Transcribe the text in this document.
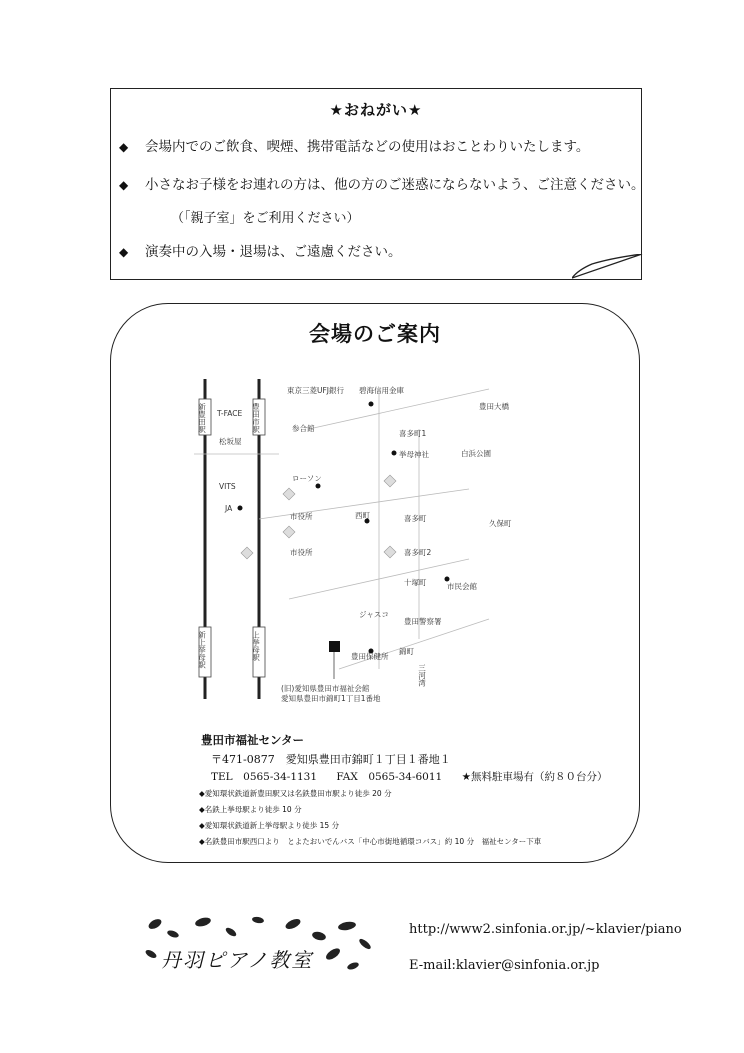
★おねがい★
◆ 会場内でのご飲食、喫煙、携帯電話などの使用はおことわりいたします。
◆ 小さなお子様をお連れの方は、他の方のご迷惑にならないよう、ご注意ください。
（「親子室」をご利用ください）
◆ 演奏中の入場・退場は、ご遠慮ください。
会場のご案内
新豊田駅	豊田市駅
新上挙母駅	上挙母駅
T-FACE
松坂屋
VITS
JA
東京三菱UFJ銀行 碧海信用金庫
豊田大橋
参合館
喜多町1
挙母神社	白浜公園
ローソン
西町
市役所	喜多町
久保町
市役所	喜多町2
十塚町	市民会館
ジャスコ
豊田警察署
錦町
豊田保健所
三河湾
(旧)愛知県豊田市福祉会館
愛知県豊田市錦町1丁目1番地
豊田市福祉センター
〒471-0877　愛知県豊田市錦町１丁目１番地１
TEL　0565-34-1131 FAX　0565-34-6011 ★無料駐車場有（約８０台分）
◆愛知環状鉄道新豊田駅又は名鉄豊田市駅より徒歩 20 分
◆名鉄上挙母駅より徒歩 10 分
◆愛知環状鉄道新上挙母駅より徒歩 15 分
◆名鉄豊田市駅西口より　とよたおいでんバス「中心市街地循環コバス」約 10 分　福祉センター下車
丹羽ピアノ教室
http://www2.sinfonia.or.jp/~klavier/piano
E-mail:klavier@sinfonia.or.jp
